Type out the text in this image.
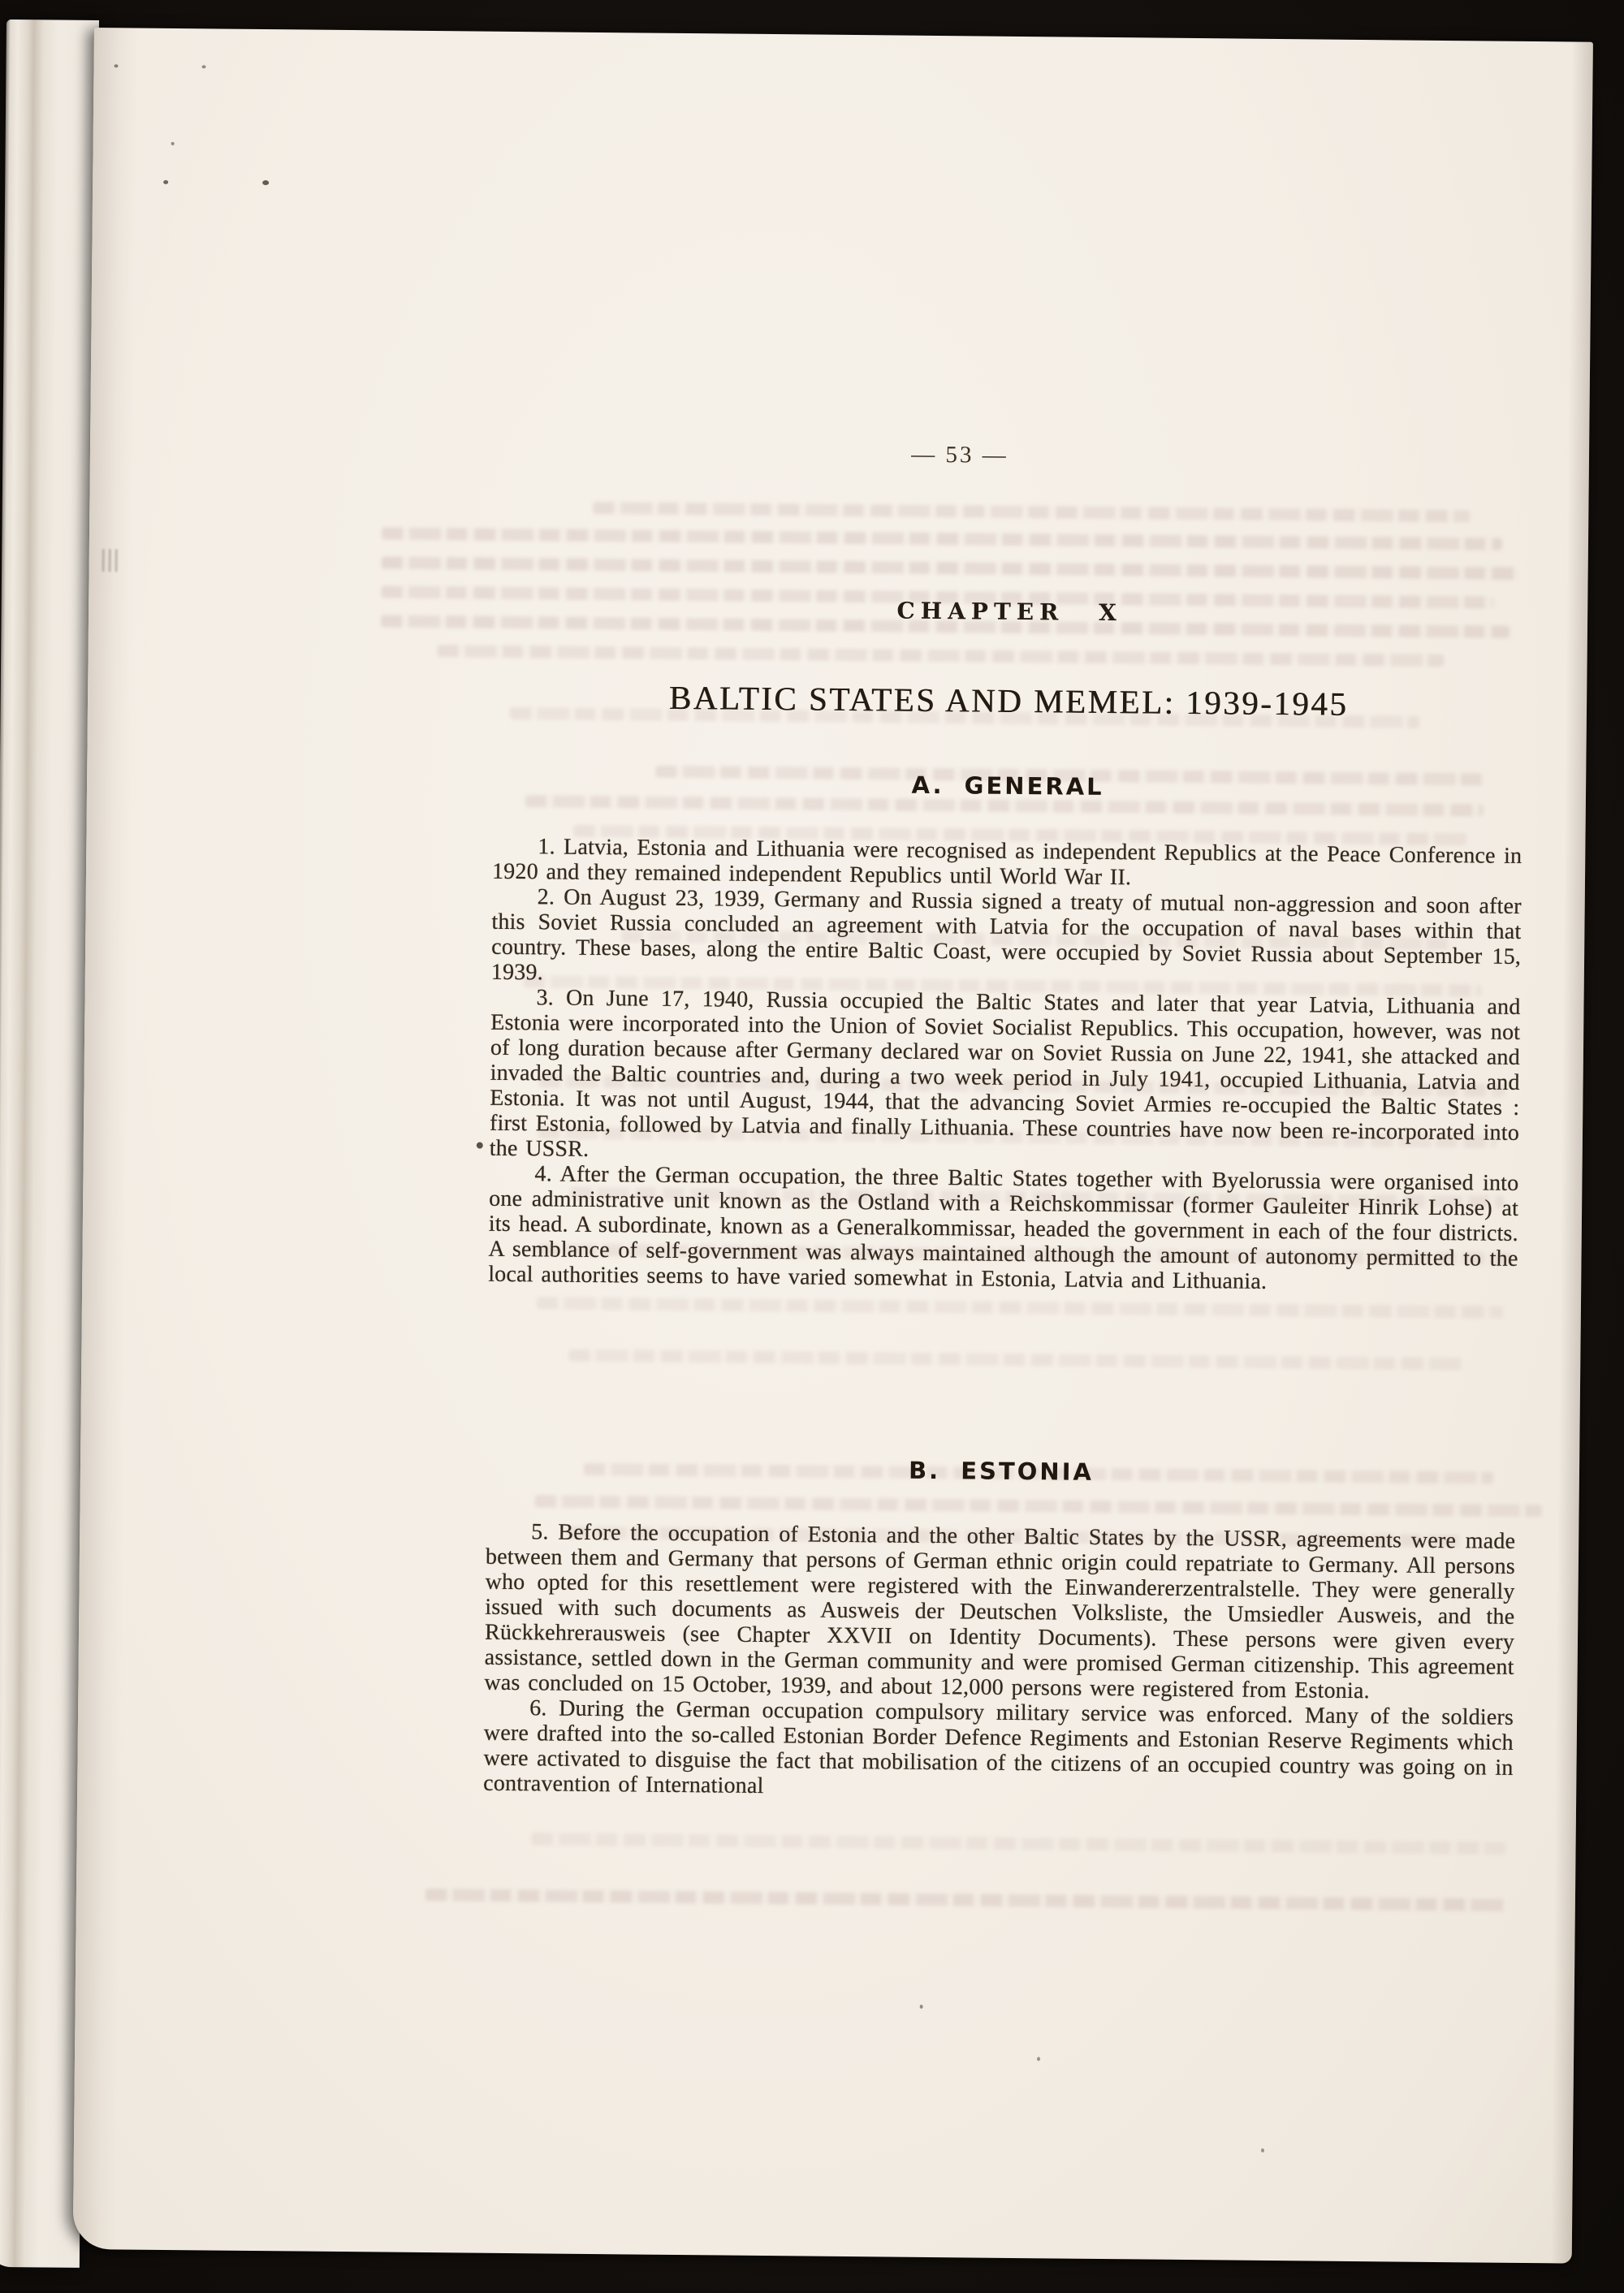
— 53 —
CHAPTER X
BALTIC STATES AND MEMEL: 1939-1945
A. GENERAL

1. Latvia, Estonia and Lithuania were recognised as independent Republics at the Peace Conference in 1920 and they remained independent Republics until World War II.

2. On August 23, 1939, Germany and Russia signed a treaty of mutual non-aggression and soon after this Soviet Russia concluded an agreement with Latvia for the occupation of naval bases within that country. These bases, along the entire Baltic Coast, were occupied by Soviet Russia about September 15, 1939.

3. On June 17, 1940, Russia occupied the Baltic States and later that year Latvia, Lithuania and Estonia were incorporated into the Union of Soviet Socialist Republics. This occupation, however, was not of long duration because after Germany declared war on Soviet Russia on June 22, 1941, she attacked and invaded the Baltic countries and, during a two week period in July 1941, occupied Lithuania, Latvia and Estonia. It was not until August, 1944, that the advancing Soviet Armies re-occupied the Baltic States : first Estonia, followed by Latvia and finally Lithuania. These countries have now been re-incorporated into the USSR.

4. After the German occupation, the three Baltic States together with Byelorussia were organised into one administrative unit known as the Ostland with a Reichskommissar (former Gauleiter Hinrik Lohse) at its head. A subordinate, known as a Generalkommissar, headed the government in each of the four districts. A semblance of self-government was always maintained although the amount of autonomy permitted to the local authorities seems to have varied somewhat in Estonia, Latvia and Lithuania.

B. ESTONIA

5. Before the occupation of Estonia and the other Baltic States by the USSR, agreements were made between them and Germany that persons of German ethnic origin could repatriate to Germany. All persons who opted for this resettlement were registered with the Einwandererzentralstelle. They were generally issued with such documents as Ausweis der Deutschen Volksliste, the Umsiedler Ausweis, and the Rückkehrerausweis (see Chapter XXVII on Identity Documents). These persons were given every assistance, settled down in the German community and were promised German citizenship. This agreement was concluded on 15 October, 1939, and about 12,000 persons were registered from Estonia.

6. During the German occupation compulsory military service was enforced. Many of the soldiers were drafted into the so-called Estonian Border Defence Regiments and Estonian Reserve Regiments which were activated to disguise the fact that mobilisation of the citizens of an occupied country was going on in contravention of International
